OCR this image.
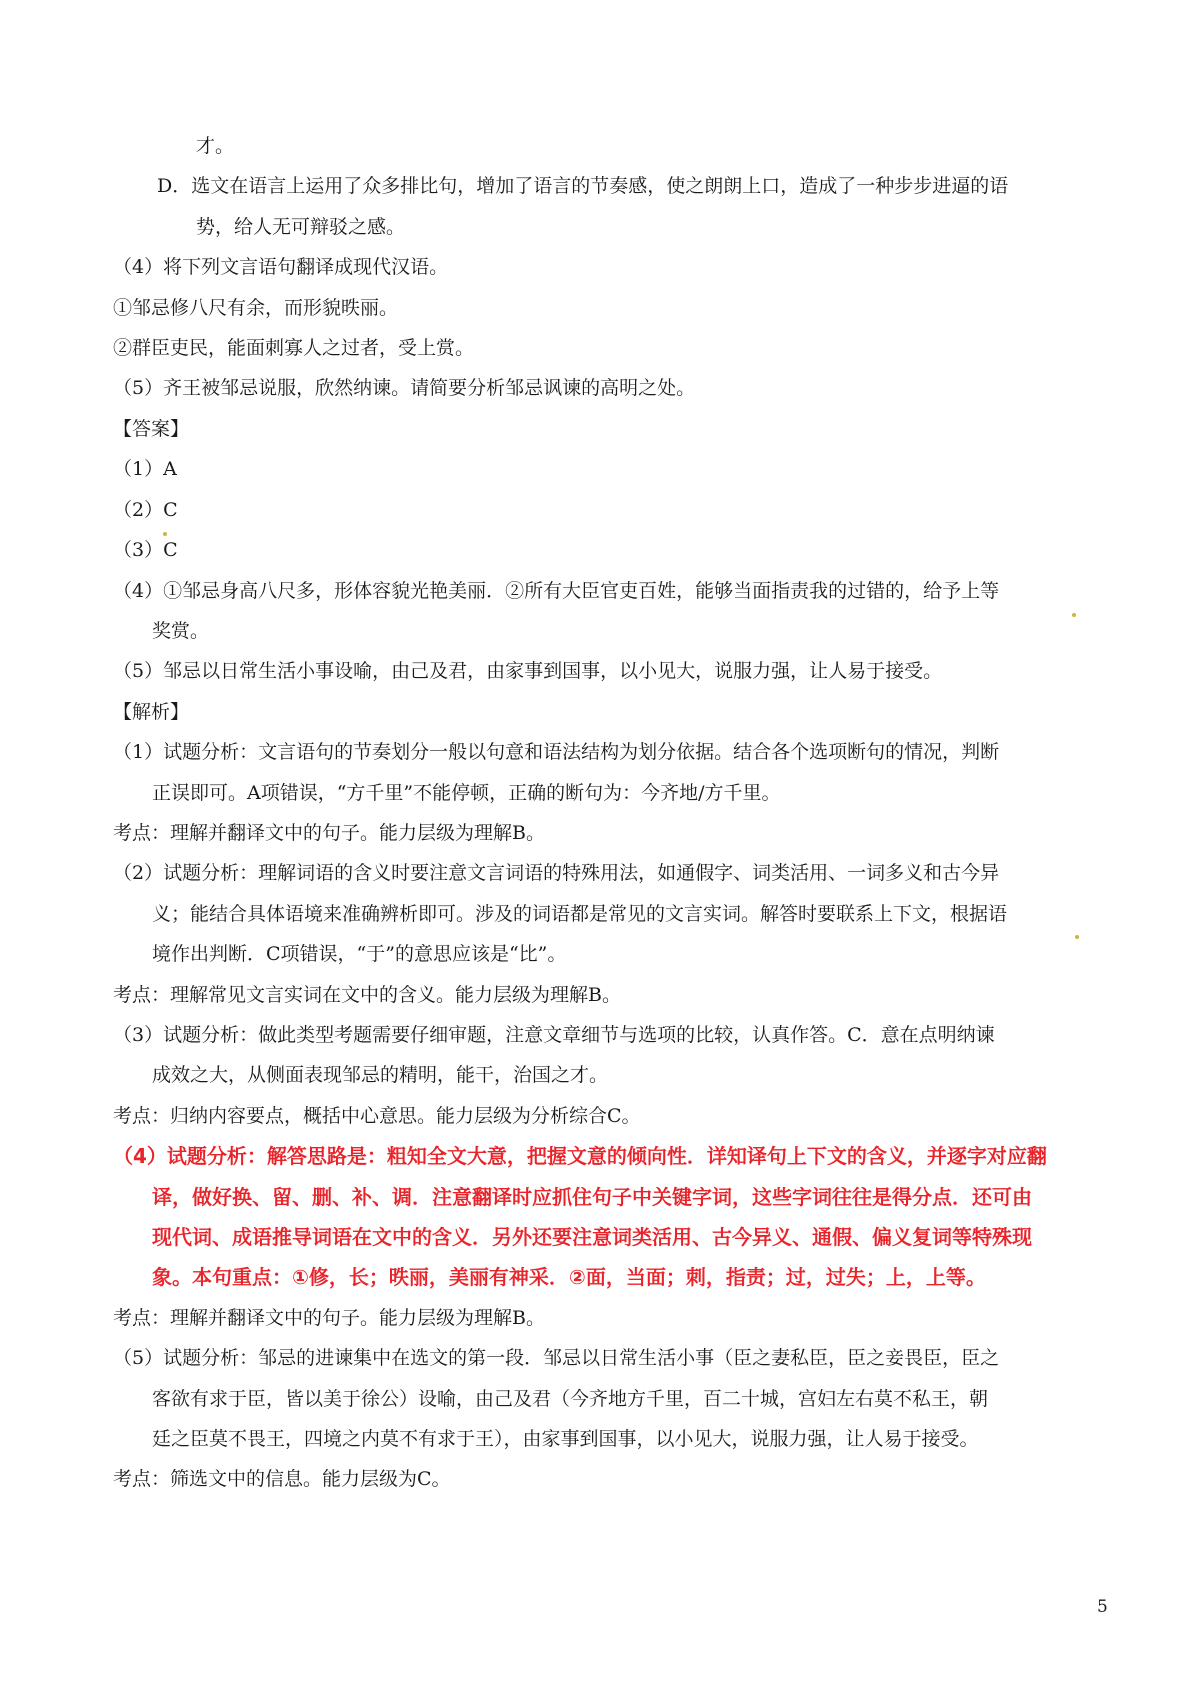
才。

D．选文在语言上运用了众多排比句，增加了语言的节奏感，使之朗朗上口，造成了一种步步进逼的语

势，给人无可辩驳之感。

（4）将下列文言语句翻译成现代汉语。

①邹忌修八尺有余，而形貌昳丽。

②群臣吏民，能面刺寡人之过者，受上赏。

（5）齐王被邹忌说服，欣然纳谏。请简要分析邹忌讽谏的高明之处。

【答案】

（1）A

（2）C

（3）C

（4）①邹忌身高八尺多，形体容貌光艳美丽．②所有大臣官吏百姓，能够当面指责我的过错的，给予上等

奖赏。

（5）邹忌以日常生活小事设喻，由己及君，由家事到国事，以小见大，说服力强，让人易于接受。

【解析】

（1）试题分析：文言语句的节奏划分一般以句意和语法结构为划分依据。结合各个选项断句的情况，判断

正误即可。A项错误，“方千里”不能停顿，正确的断句为：今齐地/方千里。

考点：理解并翻译文中的句子。能力层级为理解B。

（2）试题分析：理解词语的含义时要注意文言词语的特殊用法，如通假字、词类活用、一词多义和古今异

义；能结合具体语境来准确辨析即可。涉及的词语都是常见的文言实词。解答时要联系上下文，根据语

境作出判断．C项错误，“于”的意思应该是“比”。

考点：理解常见文言实词在文中的含义。能力层级为理解B。

（3）试题分析：做此类型考题需要仔细审题，注意文章细节与选项的比较，认真作答。C．意在点明纳谏

成效之大，从侧面表现邹忌的精明，能干，治国之才。

考点：归纳内容要点，概括中心意思。能力层级为分析综合C。

（4）试题分析：解答思路是：粗知全文大意，把握文意的倾向性．详知译句上下文的含义，并逐字对应翻

译，做好换、留、删、补、调．注意翻译时应抓住句子中关键字词，这些字词往往是得分点．还可由

现代词、成语推导词语在文中的含义．另外还要注意词类活用、古今异义、通假、偏义复词等特殊现

象。本句重点：①修，长；昳丽，美丽有神采．②面，当面；刺，指责；过，过失；上，上等。

考点：理解并翻译文中的句子。能力层级为理解B。

（5）试题分析：邹忌的进谏集中在选文的第一段．邹忌以日常生活小事（臣之妻私臣，臣之妾畏臣，臣之

客欲有求于臣，皆以美于徐公）设喻，由己及君（今齐地方千里，百二十城，宫妇左右莫不私王，朝

廷之臣莫不畏王，四境之内莫不有求于王），由家事到国事，以小见大，说服力强，让人易于接受。

考点：筛选文中的信息。能力层级为C。

5
